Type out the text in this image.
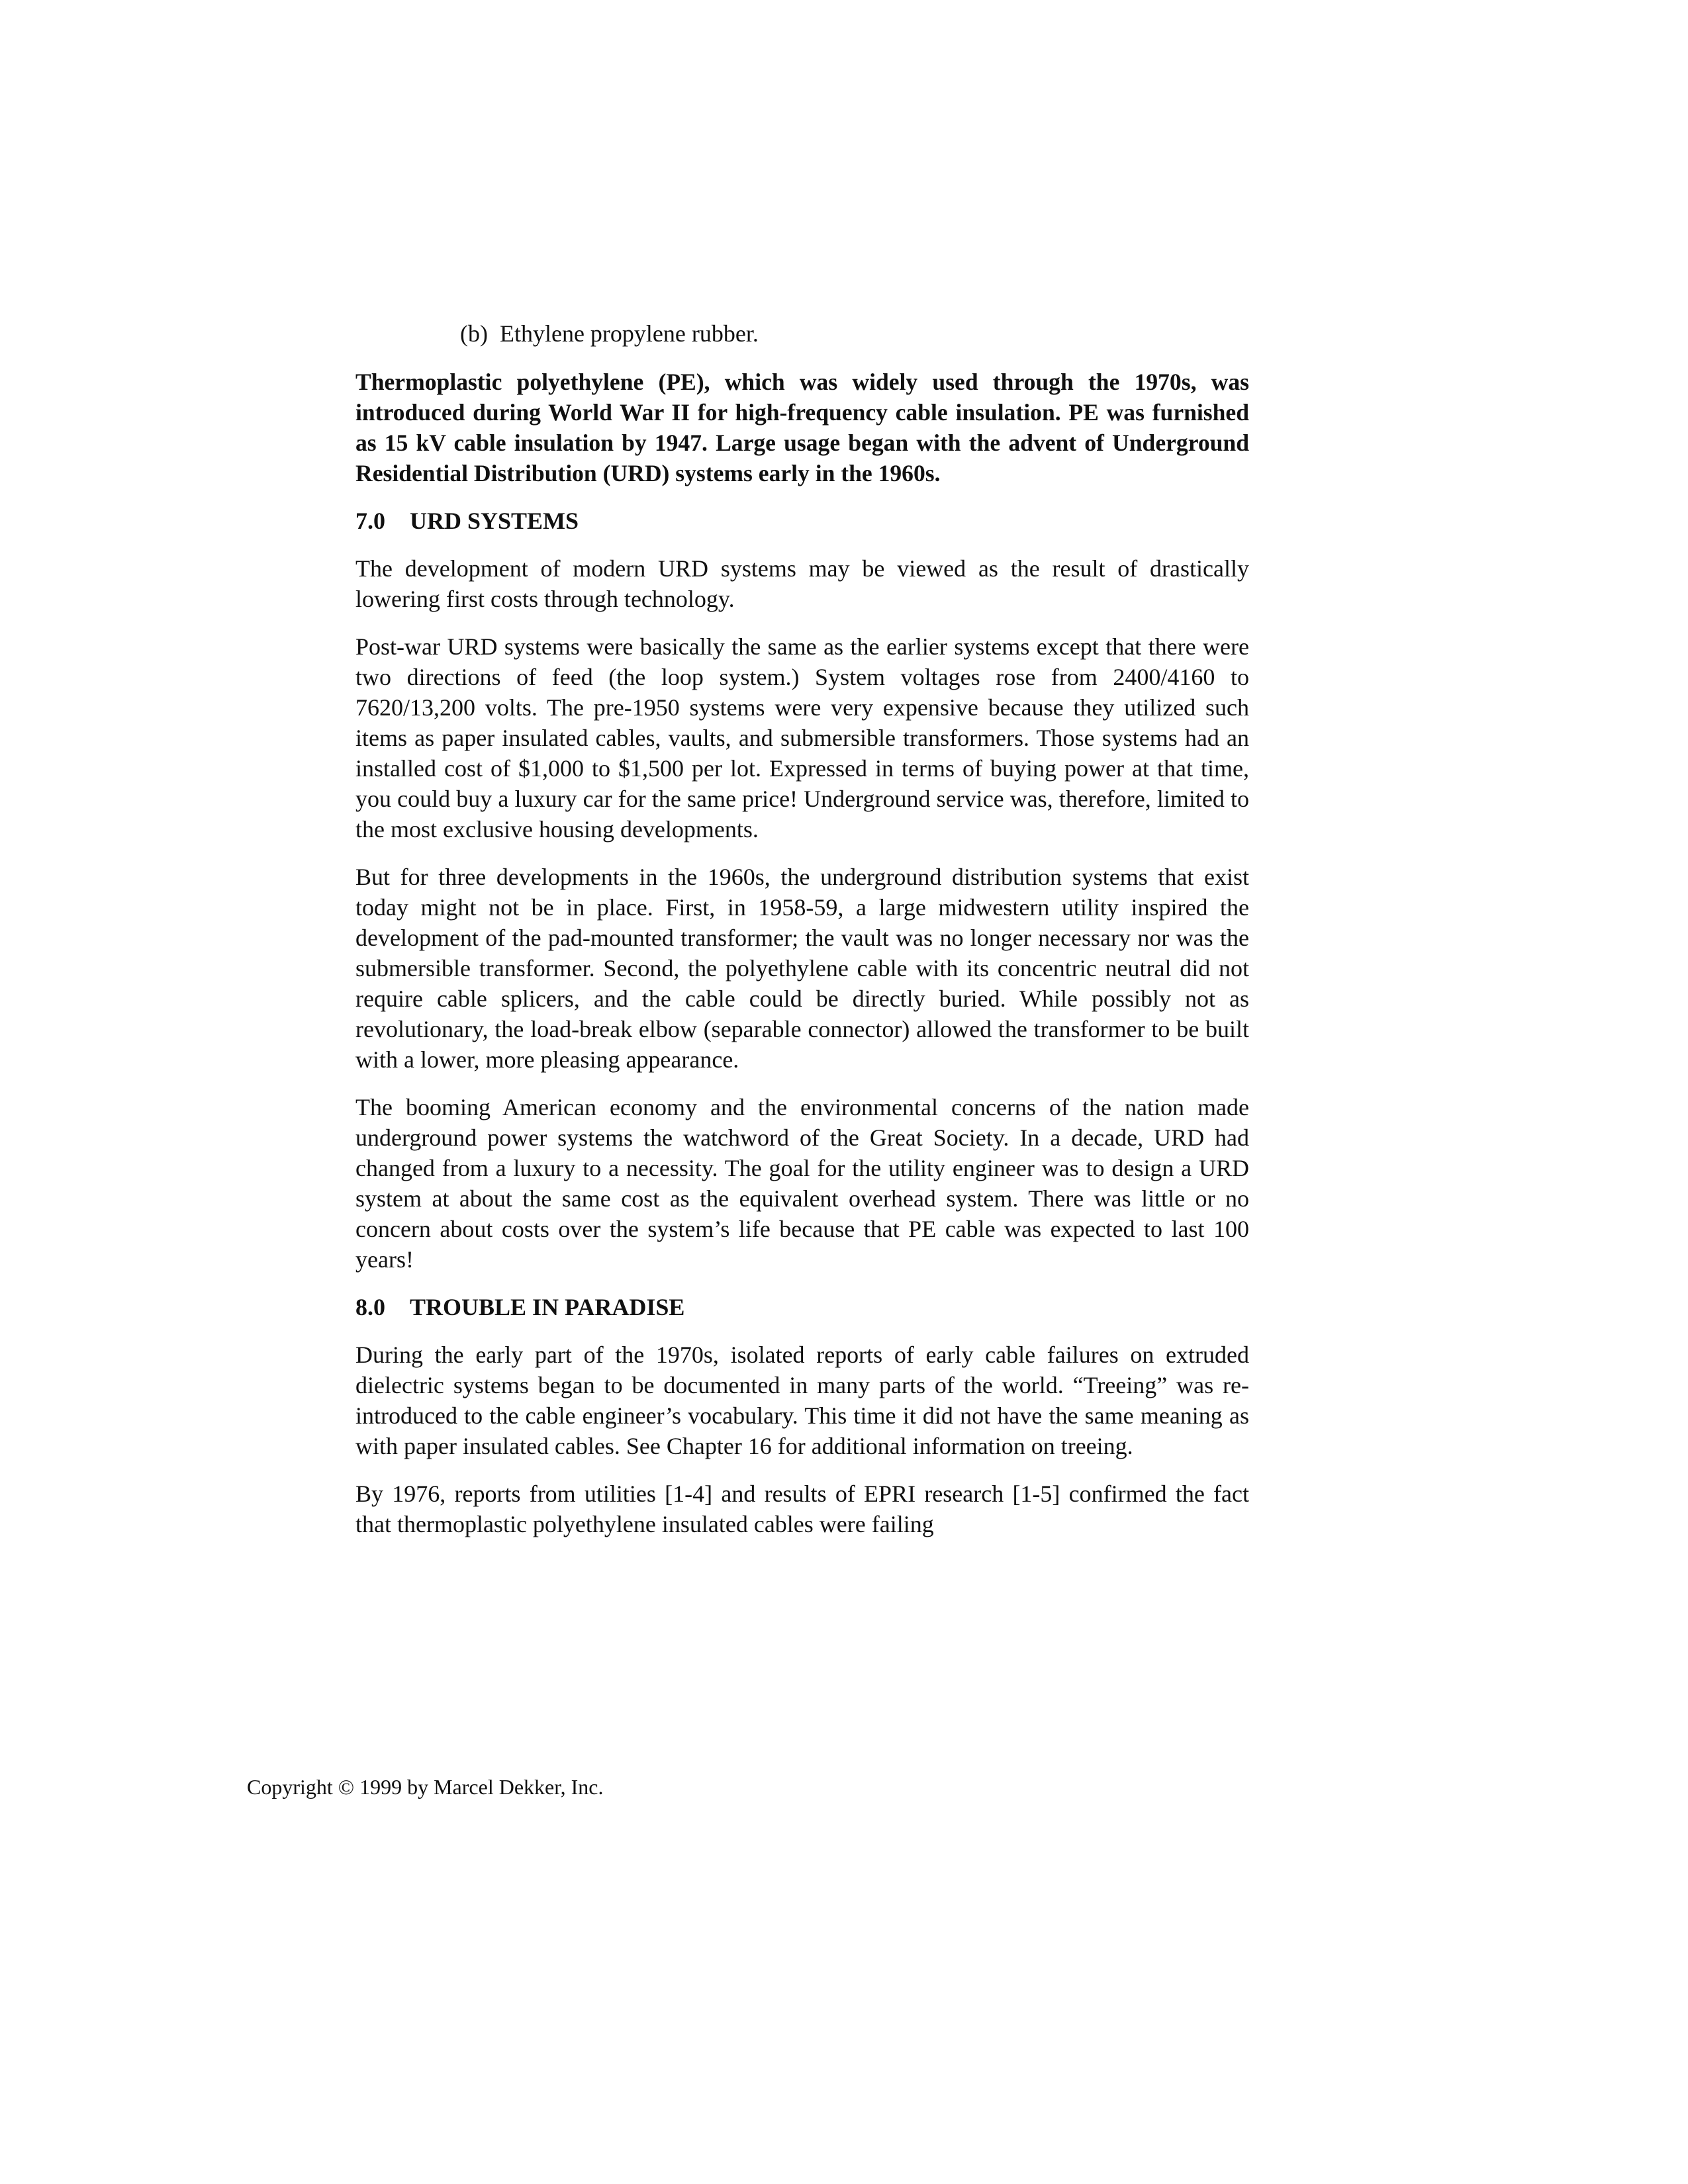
(b) Ethylene propylene rubber.

Thermoplastic polyethylene (PE), which was widely used through the 1970s, was introduced during World War II for high-frequency cable insulation. PE was furnished as 15 kV cable insulation by 1947. Large usage began with the advent of Underground Residential Distribution (URD) systems early in the 1960s.

7.0 URD SYSTEMS

The development of modern URD systems may be viewed as the result of drastically lowering first costs through technology.

Post-war URD systems were basically the same as the earlier systems except that there were two directions of feed (the loop system.) System voltages rose from 2400/4160 to 7620/13,200 volts. The pre-1950 systems were very expensive because they utilized such items as paper insulated cables, vaults, and submersible transformers. Those systems had an installed cost of $1,000 to $1,500 per lot. Expressed in terms of buying power at that time, you could buy a luxury car for the same price! Underground service was, therefore, limited to the most exclusive housing developments.

But for three developments in the 1960s, the underground distribution systems that exist today might not be in place. First, in 1958-59, a large midwestern utility inspired the development of the pad-mounted transformer; the vault was no longer necessary nor was the submersible transformer. Second, the polyethylene cable with its concentric neutral did not require cable splicers, and the cable could be directly buried. While possibly not as revolutionary, the load-break elbow (separable connector) allowed the transformer to be built with a lower, more pleasing appearance.

The booming American economy and the environmental concerns of the nation made underground power systems the watchword of the Great Society. In a decade, URD had changed from a luxury to a necessity. The goal for the utility engineer was to design a URD system at about the same cost as the equivalent overhead system. There was little or no concern about costs over the system’s life because that PE cable was expected to last 100 years!

8.0 TROUBLE IN PARADISE

During the early part of the 1970s, isolated reports of early cable failures on extruded dielectric systems began to be documented in many parts of the world. “Treeing” was re-introduced to the cable engineer’s vocabulary. This time it did not have the same meaning as with paper insulated cables. See Chapter 16 for additional information on treeing.

By 1976, reports from utilities [1-4] and results of EPRI research [1-5] confirmed the fact that thermoplastic polyethylene insulated cables were failing

Copyright © 1999 by Marcel Dekker, Inc.
